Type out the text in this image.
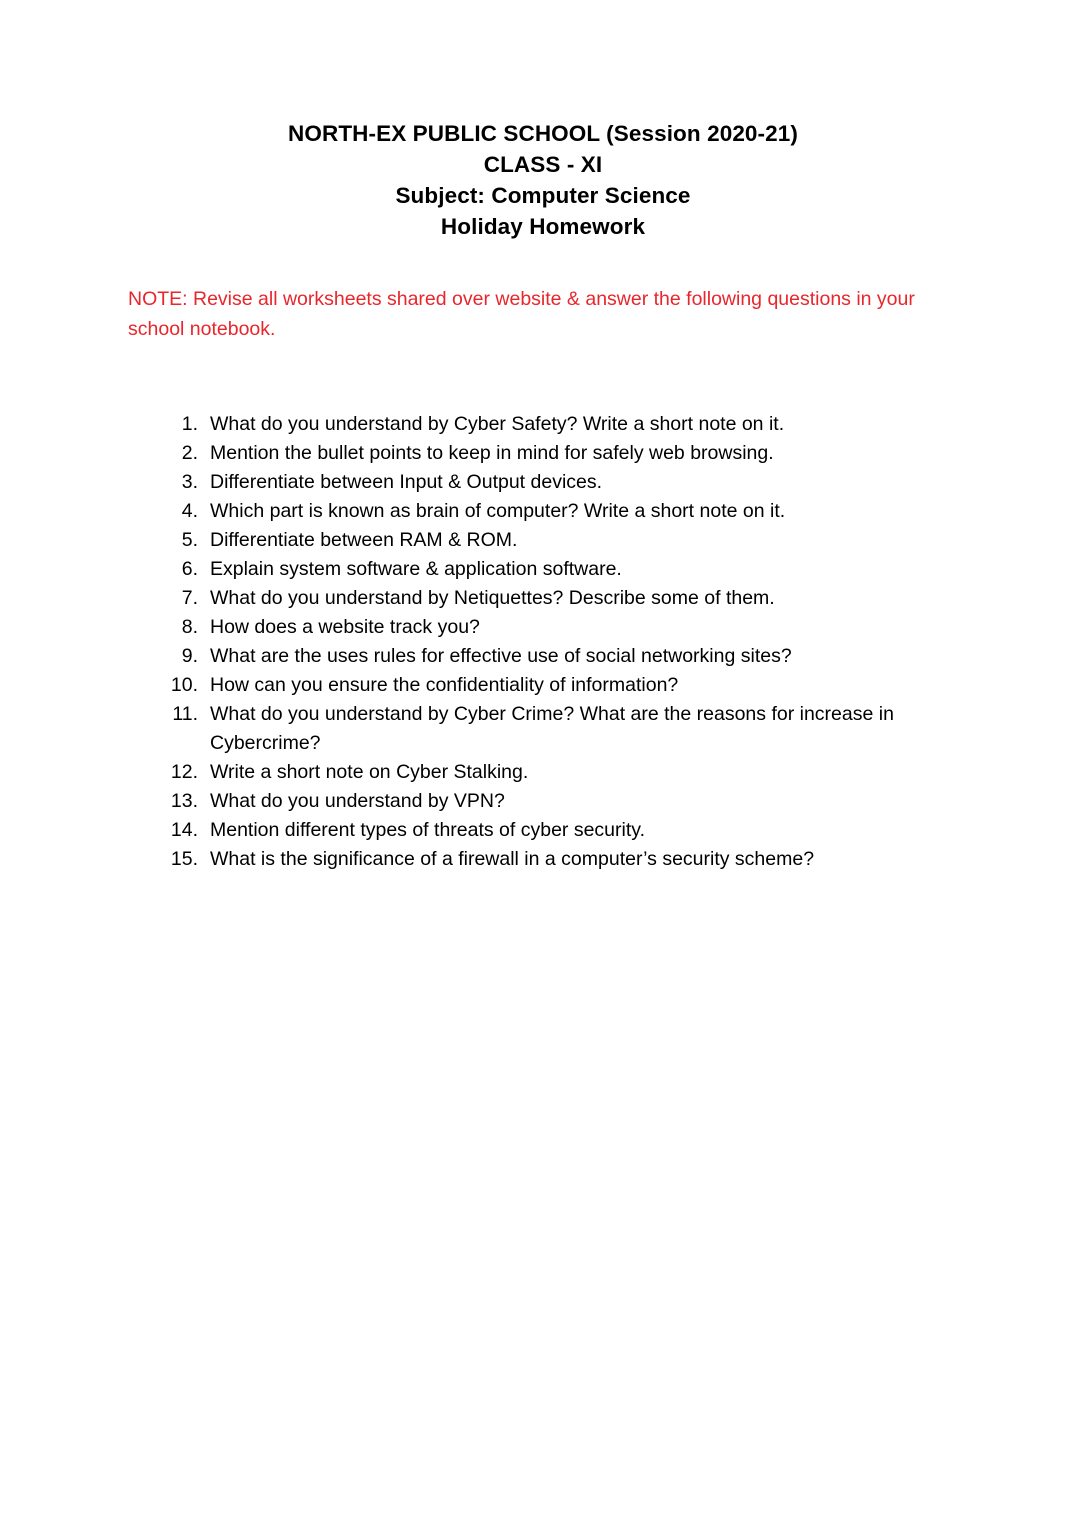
NORTH-EX PUBLIC SCHOOL (Session 2020-21)
CLASS - XI
Subject: Computer Science
Holiday Homework
NOTE: Revise all worksheets shared over website & answer the following questions in your school notebook.
1. What do you understand by Cyber Safety? Write a short note on it.
2. Mention the bullet points to keep in mind for safely web browsing.
3. Differentiate between Input & Output devices.
4. Which part is known as brain of computer? Write a short note on it.
5. Differentiate between RAM & ROM.
6. Explain system software & application software.
7. What do you understand by Netiquettes? Describe some of them.
8. How does a website track you?
9. What are the uses rules for effective use of social networking sites?
10. How can you ensure the confidentiality of information?
11. What do you understand by Cyber Crime? What are the reasons for increase in Cybercrime?
12. Write a short note on Cyber Stalking.
13. What do you understand by VPN?
14. Mention different types of threats of cyber security.
15. What is the significance of a firewall in a computer’s security scheme?
